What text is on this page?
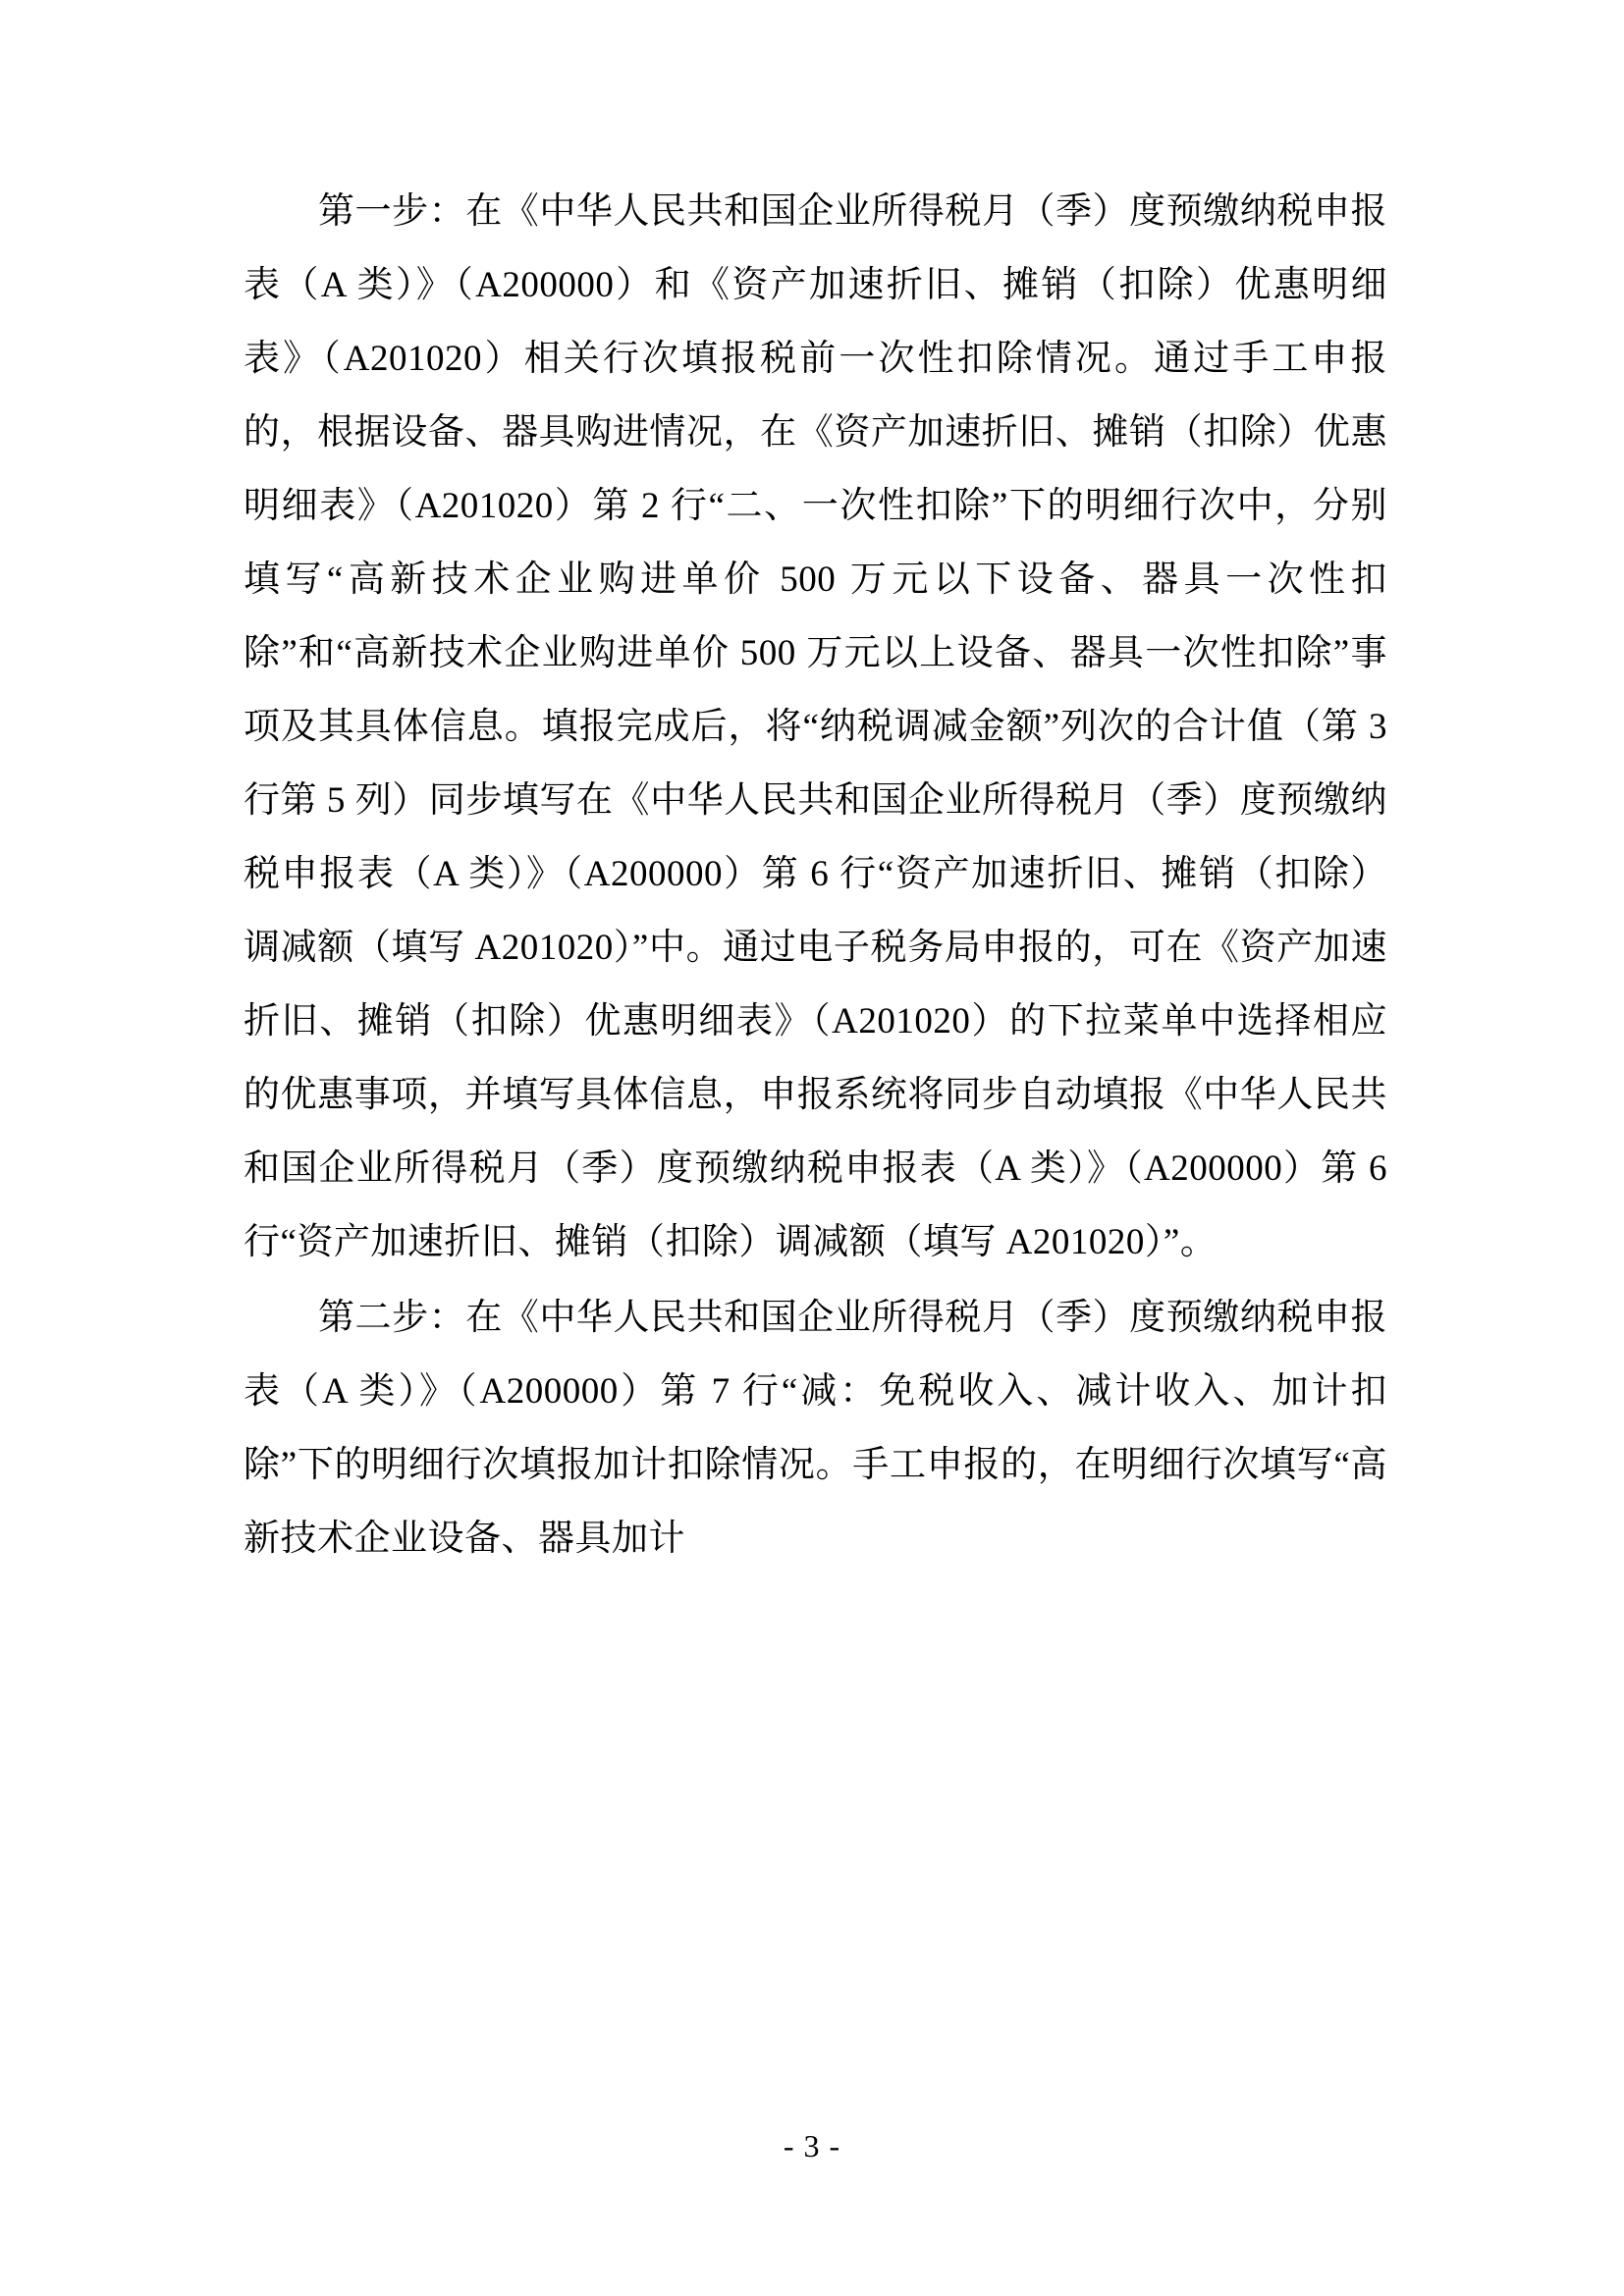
第一步：在《中华人民共和国企业所得税月（季）度预缴纳税申报表（A 类）》（A200000）和《资产加速折旧、摊销（扣除）优惠明细表》（A201020）相关行次填报税前一次性扣除情况。通过手工申报的，根据设备、器具购进情况，在《资产加速折旧、摊销（扣除）优惠明细表》（A201020）第 2 行“二、一次性扣除”下的明细行次中，分别填写“高新技术企业购进单价 500 万元以下设备、器具一次性扣除”和“高新技术企业购进单价 500 万元以上设备、器具一次性扣除”事项及其具体信息。填报完成后，将“纳税调减金额”列次的合计值（第 3 行第 5 列）同步填写在《中华人民共和国企业所得税月（季）度预缴纳税申报表（A 类）》（A200000）第 6 行“资产加速折旧、摊销（扣除）调减额（填写 A201020）”中。通过电子税务局申报的，可在《资产加速折旧、摊销（扣除）优惠明细表》（A201020）的下拉菜单中选择相应的优惠事项，并填写具体信息，申报系统将同步自动填报《中华人民共和国企业所得税月（季）度预缴纳税申报表（A 类）》（A200000）第 6 行“资产加速折旧、摊销（扣除）调减额（填写 A201020）”。

第二步：在《中华人民共和国企业所得税月（季）度预缴纳税申报表（A 类）》（A200000）第 7 行“减：免税收入、减计收入、加计扣除”下的明细行次填报加计扣除情况。手工申报的，在明细行次填写“高新技术企业设备、器具加计

- 3 -
